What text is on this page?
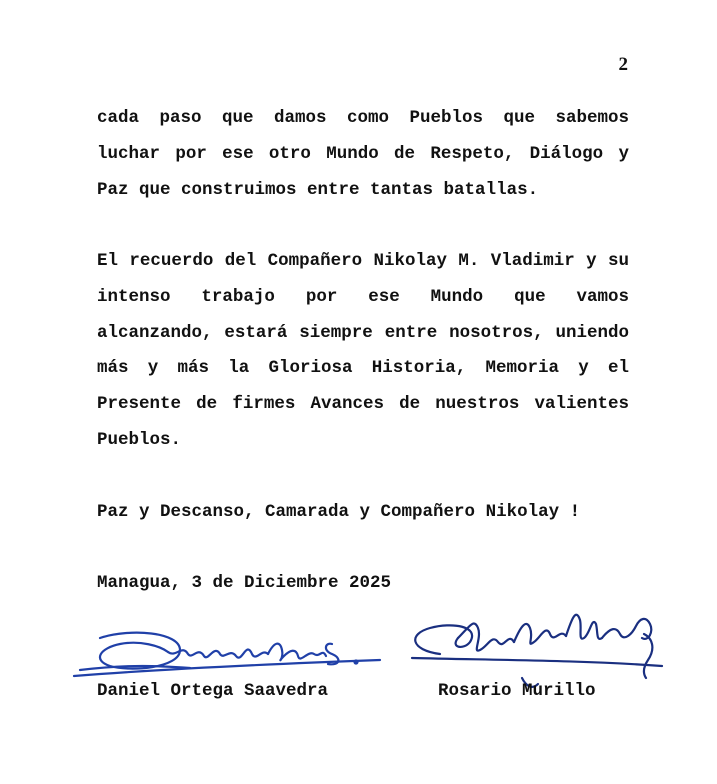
2

cada paso que damos como Pueblos que sabemos luchar por ese otro Mundo de Respeto, Diálogo y Paz que construimos entre tantas batallas.

El recuerdo del Compañero Nikolay M. Vladimir y su intenso trabajo por ese Mundo que vamos alcanzando, estará siempre entre nosotros, uniendo más y más la Gloriosa Historia, Memoria y el Presente de firmes Avances de nuestros valientes Pueblos.

Paz y Descanso, Camarada y Compañero Nikolay !

Managua, 3 de Diciembre 2025

Daniel Ortega Saavedra	Rosario Murillo
